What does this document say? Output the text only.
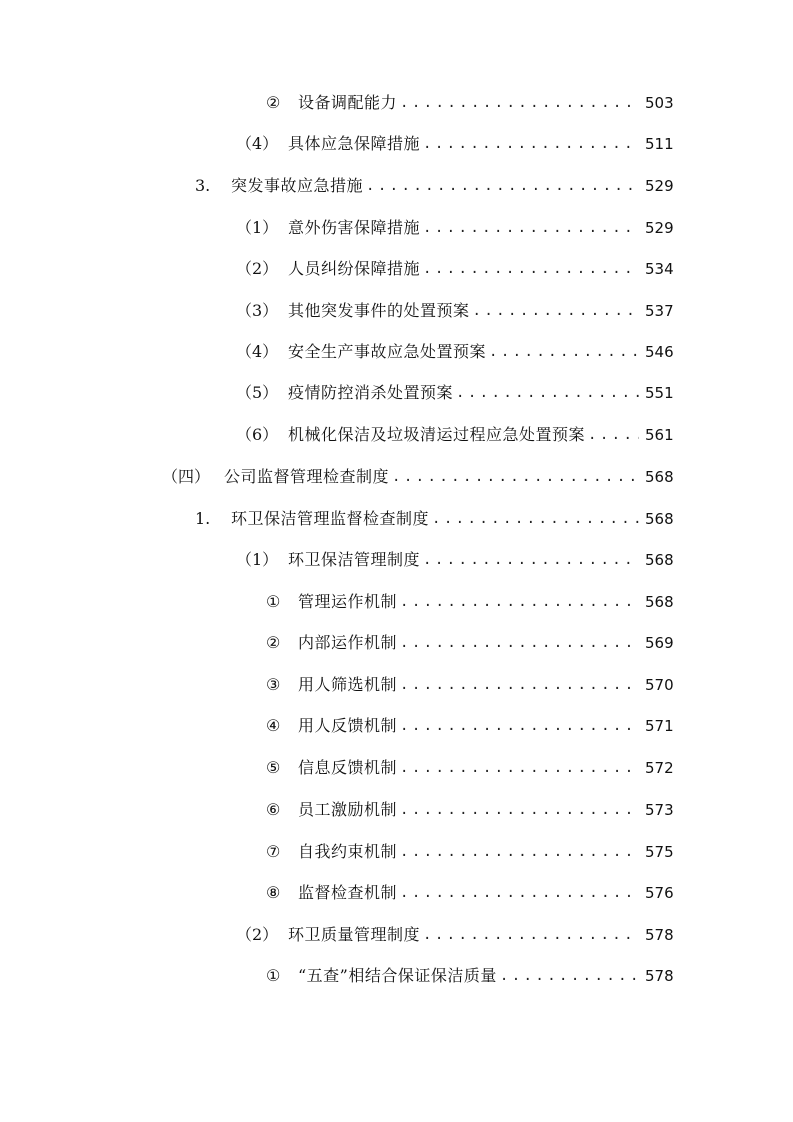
②	设备调配能力 .....	503
（4） 具体应急保障措施 .....	511
3.	突发事故应急措施 .....	529
（1） 意外伤害保障措施 .....	529
（2） 人员纠纷保障措施 .....	534
（3） 其他突发事件的处置预案 .....	537
（4） 安全生产事故应急处置预案 .....	546
（5） 疫情防控消杀处置预案 .....	551
（6） 机械化保洁及垃圾清运过程应急处置预案 .....	561
（四） 公司监督管理检查制度 .....	568
1.	环卫保洁管理监督检查制度 .....	568
（1） 环卫保洁管理制度 .....	568
①	管理运作机制 .....	568
②	内部运作机制 .....	569
③	用人筛选机制 .....	570
④	用人反馈机制 .....	571
⑤	信息反馈机制 .....	572
⑥	员工激励机制 .....	573
⑦	自我约束机制 .....	575
⑧	监督检查机制 .....	576
（2） 环卫质量管理制度 .....	578
①	“五查”相结合保证保洁质量 .....	578
